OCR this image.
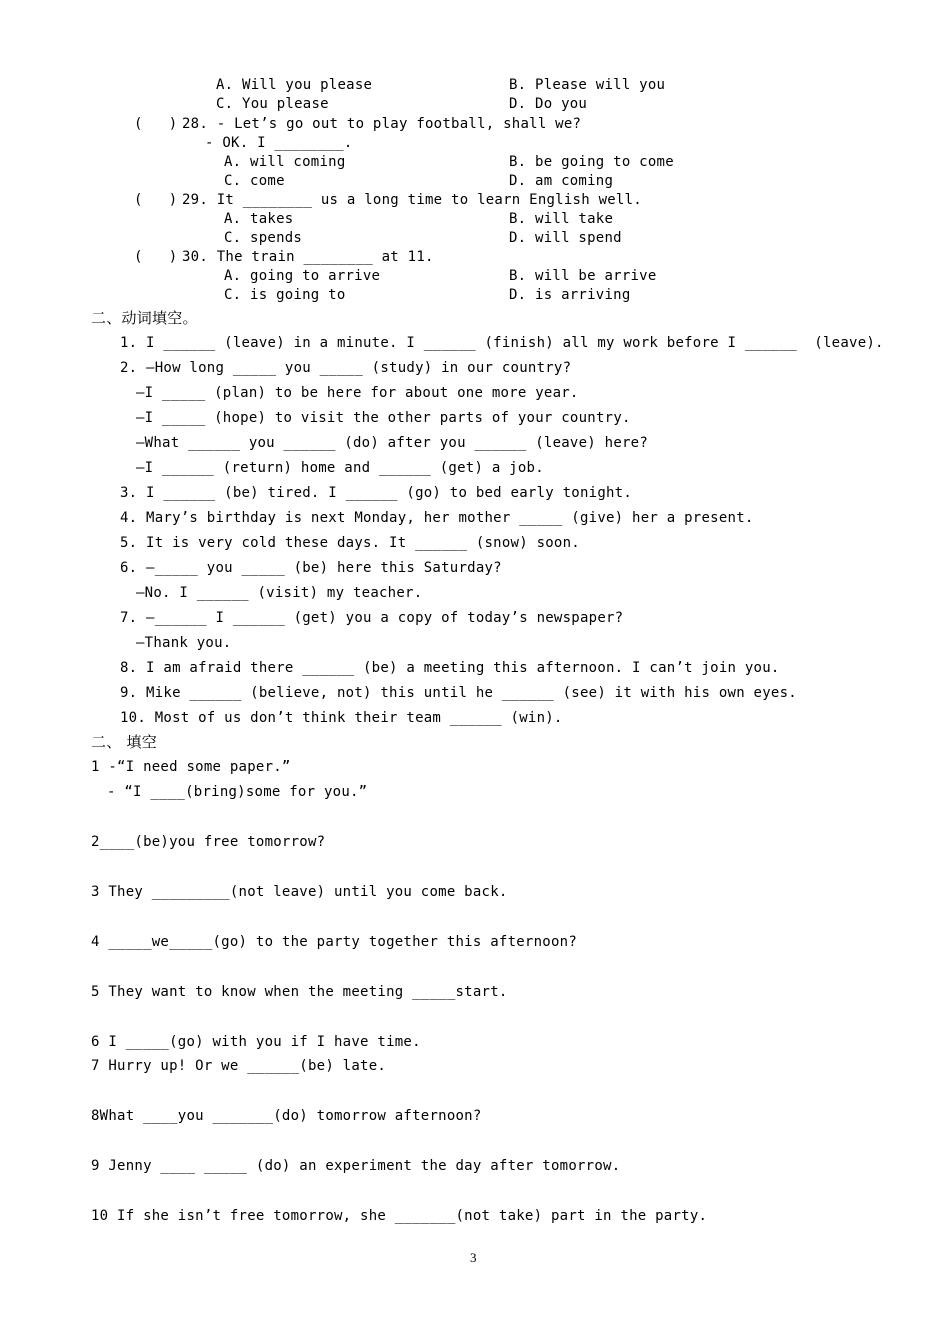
A. Will you please	B. Please will you
C. You please	D. Do you
(   ) 28. - Let’s go out to play football, shall we?
- OK. I ________.
A. will coming	B. be going to come
C. come	D. am coming
(   ) 29. It ________ us a long time to learn English well.
A. takes	B. will take
C. spends	D. will spend
(   ) 30. The train ________ at 11.
A. going to arrive	B. will be arrive
C. is going to	D. is arriving
二、动词填空。
1. I ______ (leave) in a minute. I ______ (finish) all my work before I ______  (leave).
2. —How long _____ you _____ (study) in our country?
—I _____ (plan) to be here for about one more year.
—I _____ (hope) to visit the other parts of your country.
—What ______ you ______ (do) after you ______ (leave) here?
—I ______ (return) home and ______ (get) a job.
3. I ______ (be) tired. I ______ (go) to bed early tonight.
4. Mary’s birthday is next Monday, her mother _____ (give) her a present.
5. It is very cold these days. It ______ (snow) soon.
6. —_____ you _____ (be) here this Saturday?
—No. I ______ (visit) my teacher.
7. —______ I ______ (get) you a copy of today’s newspaper?
—Thank you.
8. I am afraid there ______ (be) a meeting this afternoon. I can’t join you.
9. Mike ______ (believe, not) this until he ______ (see) it with his own eyes.
10. Most of us don’t think their team ______ (win).
二、 填空
1 -“I need some paper.”
- “I ____(bring)some for you.”
2____(be)you free tomorrow?
3 They _________(not leave) until you come back.
4 _____we_____(go) to the party together this afternoon?
5 They want to know when the meeting _____start.
6 I _____(go) with you if I have time.
7 Hurry up! Or we ______(be) late.
8What ____you _______(do) tomorrow afternoon?
9 Jenny ____ _____ (do) an experiment the day after tomorrow.
10 If she isn’t free tomorrow, she _______(not take) part in the party.
3
